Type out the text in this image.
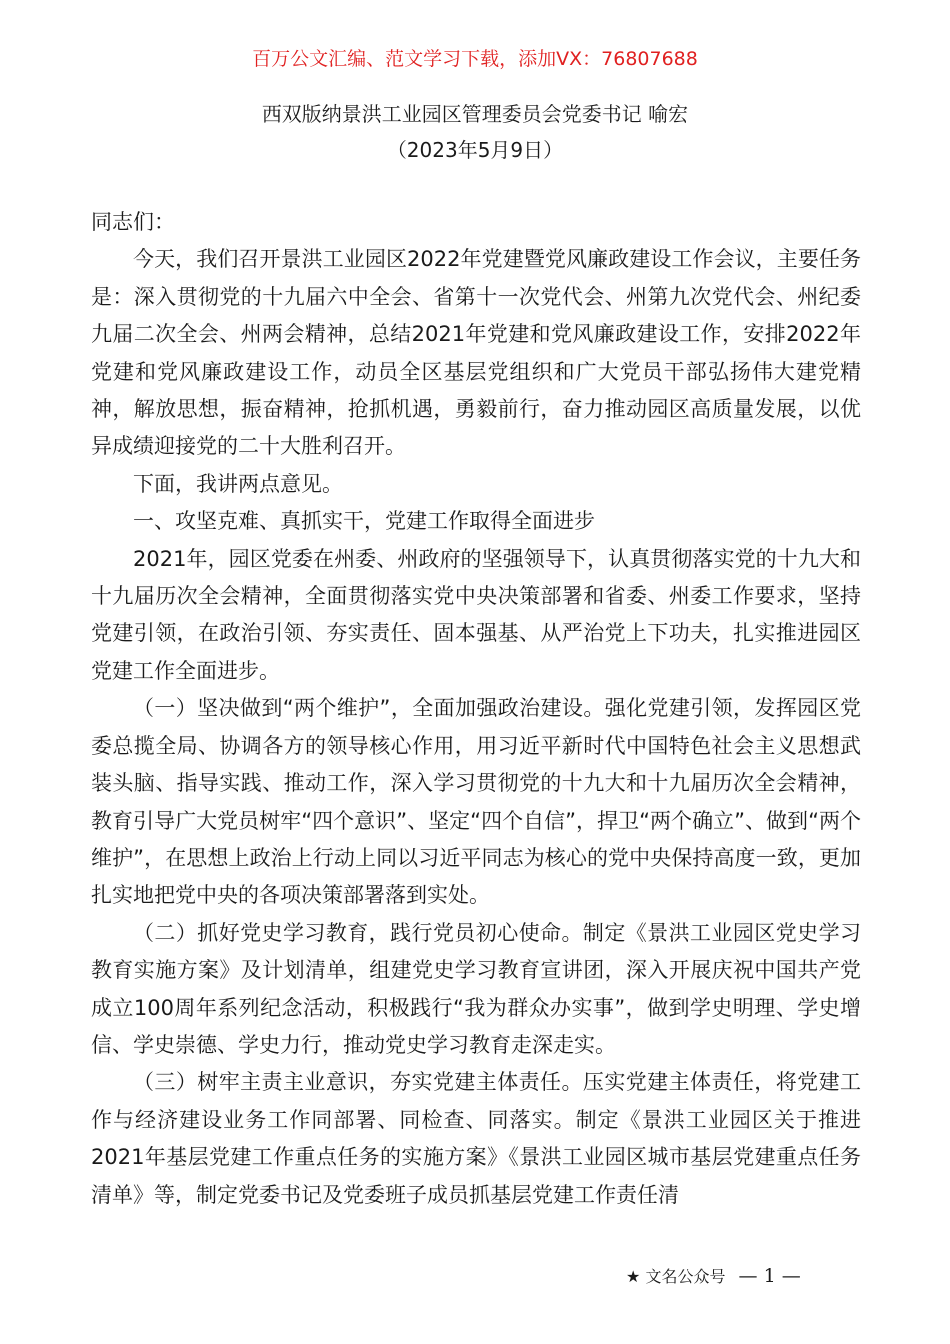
百万公文汇编、范文学习下载，添加VX：76807688
西双版纳景洪工业园区管理委员会党委书记 喻宏
（2023年5月9日）

同志们：

今天，我们召开景洪工业园区2022年党建暨党风廉政建设工作会议，主要任务是：深入贯彻党的十九届六中全会、省第十一次党代会、州第九次党代会、州纪委九届二次全会、州两会精神，总结2021年党建和党风廉政建设工作，安排2022年党建和党风廉政建设工作，动员全区基层党组织和广大党员干部弘扬伟大建党精神，解放思想，振奋精神，抢抓机遇，勇毅前行，奋力推动园区高质量发展，以优异成绩迎接党的二十大胜利召开。

下面，我讲两点意见。

一、攻坚克难、真抓实干，党建工作取得全面进步

2021年，园区党委在州委、州政府的坚强领导下，认真贯彻落实党的十九大和十九届历次全会精神，全面贯彻落实党中央决策部署和省委、州委工作要求，坚持党建引领，在政治引领、夯实责任、固本强基、从严治党上下功夫，扎实推进园区党建工作全面进步。

（一）坚决做到“两个维护”，全面加强政治建设。强化党建引领，发挥园区党委总揽全局、协调各方的领导核心作用，用习近平新时代中国特色社会主义思想武装头脑、指导实践、推动工作，深入学习贯彻党的十九大和十九届历次全会精神，教育引导广大党员树牢“四个意识”、坚定“四个自信”，捍卫“两个确立”、做到“两个维护”，在思想上政治上行动上同以习近平同志为核心的党中央保持高度一致，更加扎实地把党中央的各项决策部署落到实处。

（二）抓好党史学习教育，践行党员初心使命。制定《景洪工业园区党史学习教育实施方案》及计划清单，组建党史学习教育宣讲团，深入开展庆祝中国共产党成立100周年系列纪念活动，积极践行“我为群众办实事”，做到学史明理、学史增信、学史崇德、学史力行，推动党史学习教育走深走实。

（三）树牢主责主业意识，夯实党建主体责任。压实党建主体责任，将党建工作与经济建设业务工作同部署、同检查、同落实。制定《景洪工业园区关于推进2021年基层党建工作重点任务的实施方案》《景洪工业园区城市基层党建重点任务清单》等，制定党委书记及党委班子成员抓基层党建工作责任清

★ 文名公众号 — 1 —
